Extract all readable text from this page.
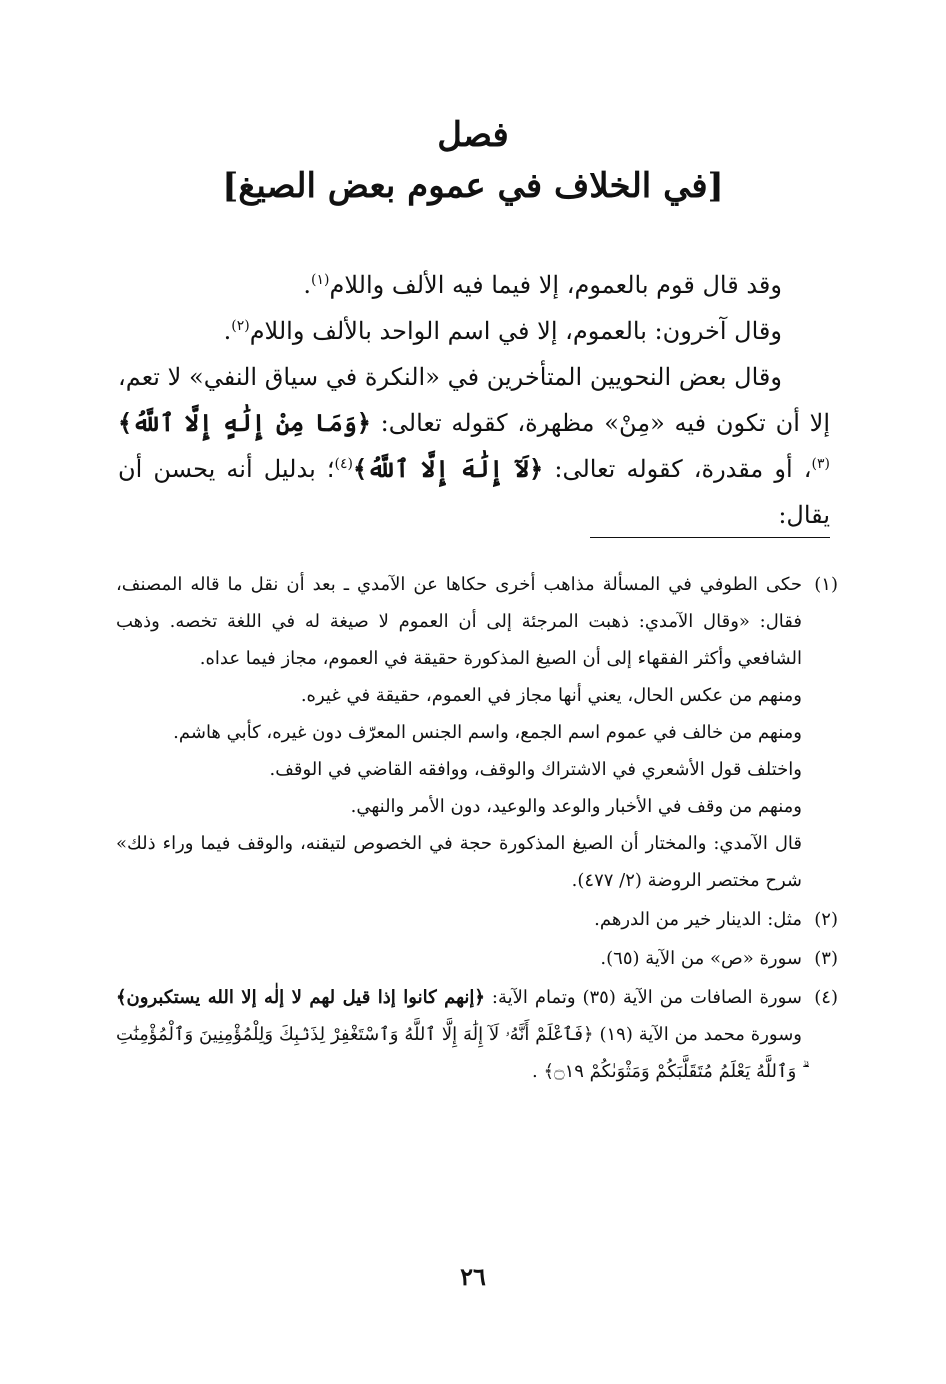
فصل
[في الخلاف في عموم بعض الصيغ]

وقد قال قوم بالعموم، إلا فيما فيه الألف واللام$^{(١)}$.

وقال آخرون: بالعموم، إلا في اسم الواحد بالألف واللام$^{(٢)}$.

وقال بعض النحويين المتأخرين في «النكرة في سياق النفي» لا تعم، إلا أن تكون فيه «مِنْ» مظهرة، كقوله تعالى: ﴿وَمَا مِنْ إِلَٰهٍ إِلَّا ٱللَّهُ﴾$^{(٣)}$، أو مقدرة، كقوله تعالى: ﴿لَآ إِلَٰهَ إِلَّا ٱللَّهُ﴾$^{(٤)}$؛ بدليل أنه يحسن أن يقال:

(١)

حكى الطوفي في المسألة مذاهب أخرى حكاها عن الآمدي ـ بعد أن نقل ما قاله المصنف، فقال: «وقال الآمدي: ذهبت المرجئة إلى أن العموم لا صيغة له في اللغة تخصه. وذهب الشافعي وأكثر الفقهاء إلى أن الصيغ المذكورة حقيقة في العموم، مجاز فيما عداه.

ومنهم من عكس الحال، يعني أنها مجاز في العموم، حقيقة في غيره.

ومنهم من خالف في عموم اسم الجمع، واسم الجنس المعرّف دون غيره، كأبي هاشم.

واختلف قول الأشعري في الاشتراك والوقف، ووافقه القاضي في الوقف.

ومنهم من وقف في الأخبار والوعد والوعيد، دون الأمر والنهي.

قال الآمدي: والمختار أن الصيغ المذكورة حجة في الخصوص لتيقنه، والوقف فيما وراء ذلك» شرح مختصر الروضة (٢/ ٤٧٧).

(٢)

مثل: الدينار خير من الدرهم.

(٣)

سورة «ص» من الآية (٦٥).

(٤)

سورة الصافات من الآية (٣٥) وتمام الآية: ﴿إنهم كانوا إذا قيل لهم لا إلٰه إلا الله يستكبرون﴾ وسورة محمد من الآية (١٩) ﴿فَٱعْلَمْ أَنَّهُۥ لَآ إِلَٰهَ إِلَّا ٱللَّهُ وَٱسْتَغْفِرْ لِذَنۢبِكَ وَلِلْمُؤْمِنِينَ وَٱلْمُؤْمِنَٰتِ ۗ وَٱللَّهُ يَعْلَمُ مُتَقَلَّبَكُمْ وَمَثْوَىٰكُمْ ۝١٩﴾ .

٢٦
